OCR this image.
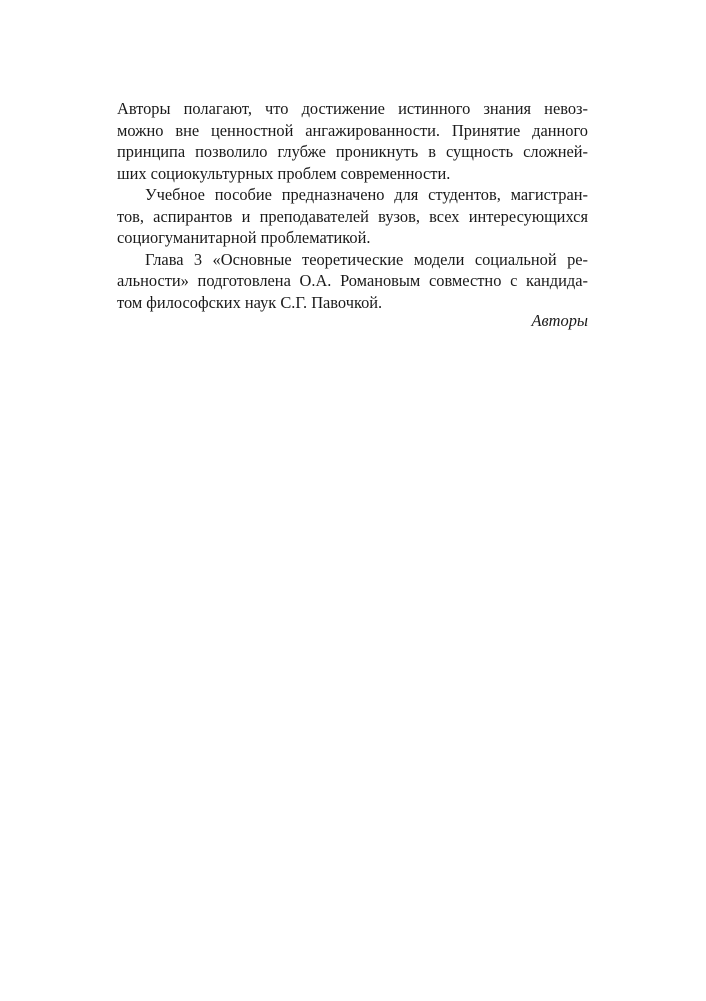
Авторы полагают, что достижение истинного знания невоз-
можно вне ценностной ангажированности. Принятие данного
принципа позволило глубже проникнуть в сущность сложней-
ших социокультурных проблем современности.

Учебное пособие предназначено для студентов, магистран-
тов, аспирантов и преподавателей вузов, всех интересующихся
социогуманитарной проблематикой.

Глава 3 «Основные теоретические модели социальной ре-
альности» подготовлена О.А. Романовым совместно с кандида-
том философских наук С.Г. Павочкой.

Авторы
